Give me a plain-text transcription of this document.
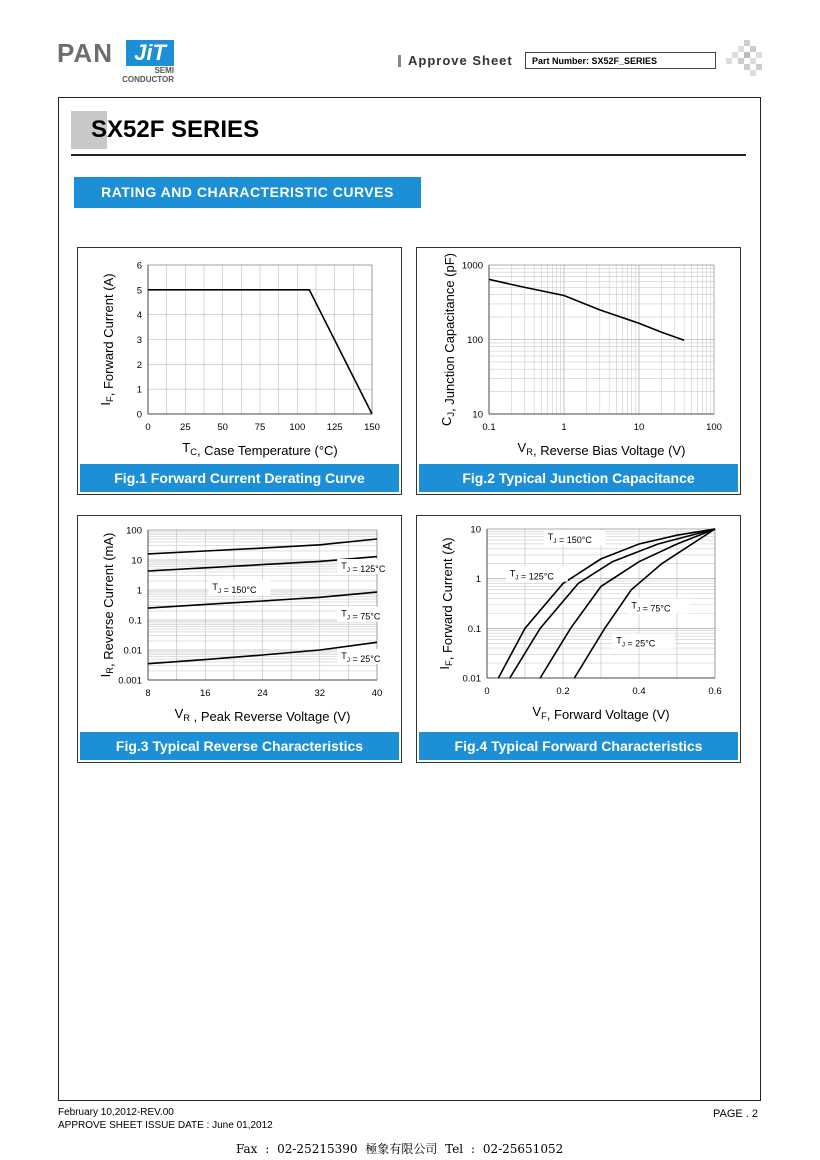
PAN JiT
SEMI
CONDUCTOR
Approve Sheet	Part Number: SX52F_SERIES
SX52F SERIES
RATING AND CHARACTERISTIC CURVES
0	25	50	75	100 125 150
0
1
2
3
4
5
6
$T_C$, Case Temperature (°C)
$I_F$, Forward Current (A)
Fig.1 Forward Current Derating Curve
0.1	1	10	100
10
100
1000
$V_R$, Reverse Bias Voltage (V)
$C_J$, Junction Capacitance (pF)
Fig.2 Typical Junction Capacitance
8	16	24	32	40
0.001
0.01
0.1
1
10
100
$V_R$ , Peak Reverse Voltage (V)
$I_R$, Reverse Current (mA)	$T_J = 150^\circ C$
$T_J = 125^\circ C$
$T_J = 75^\circ C$
$T_J = 25^\circ C$
Fig.3 Typical Reverse Characteristics
0	0.2	0.4	0.6
0.01
0.1
1
10
$V_F$, Forward Voltage (V)
$I_F$, Forward Current (A)
$T_J = 150^\circ C$
$T_J = 125^\circ C$
$T_J = 75^\circ C$
$T_J = 25^\circ C$
Fig.4 Typical Forward Characteristics
February 10,2012-REV.00
APPROVE SHEET ISSUE DATE : June 01,2012
PAGE . 2
Fax : 02-25215390 極象有限公司 Tel : 02-25651052
